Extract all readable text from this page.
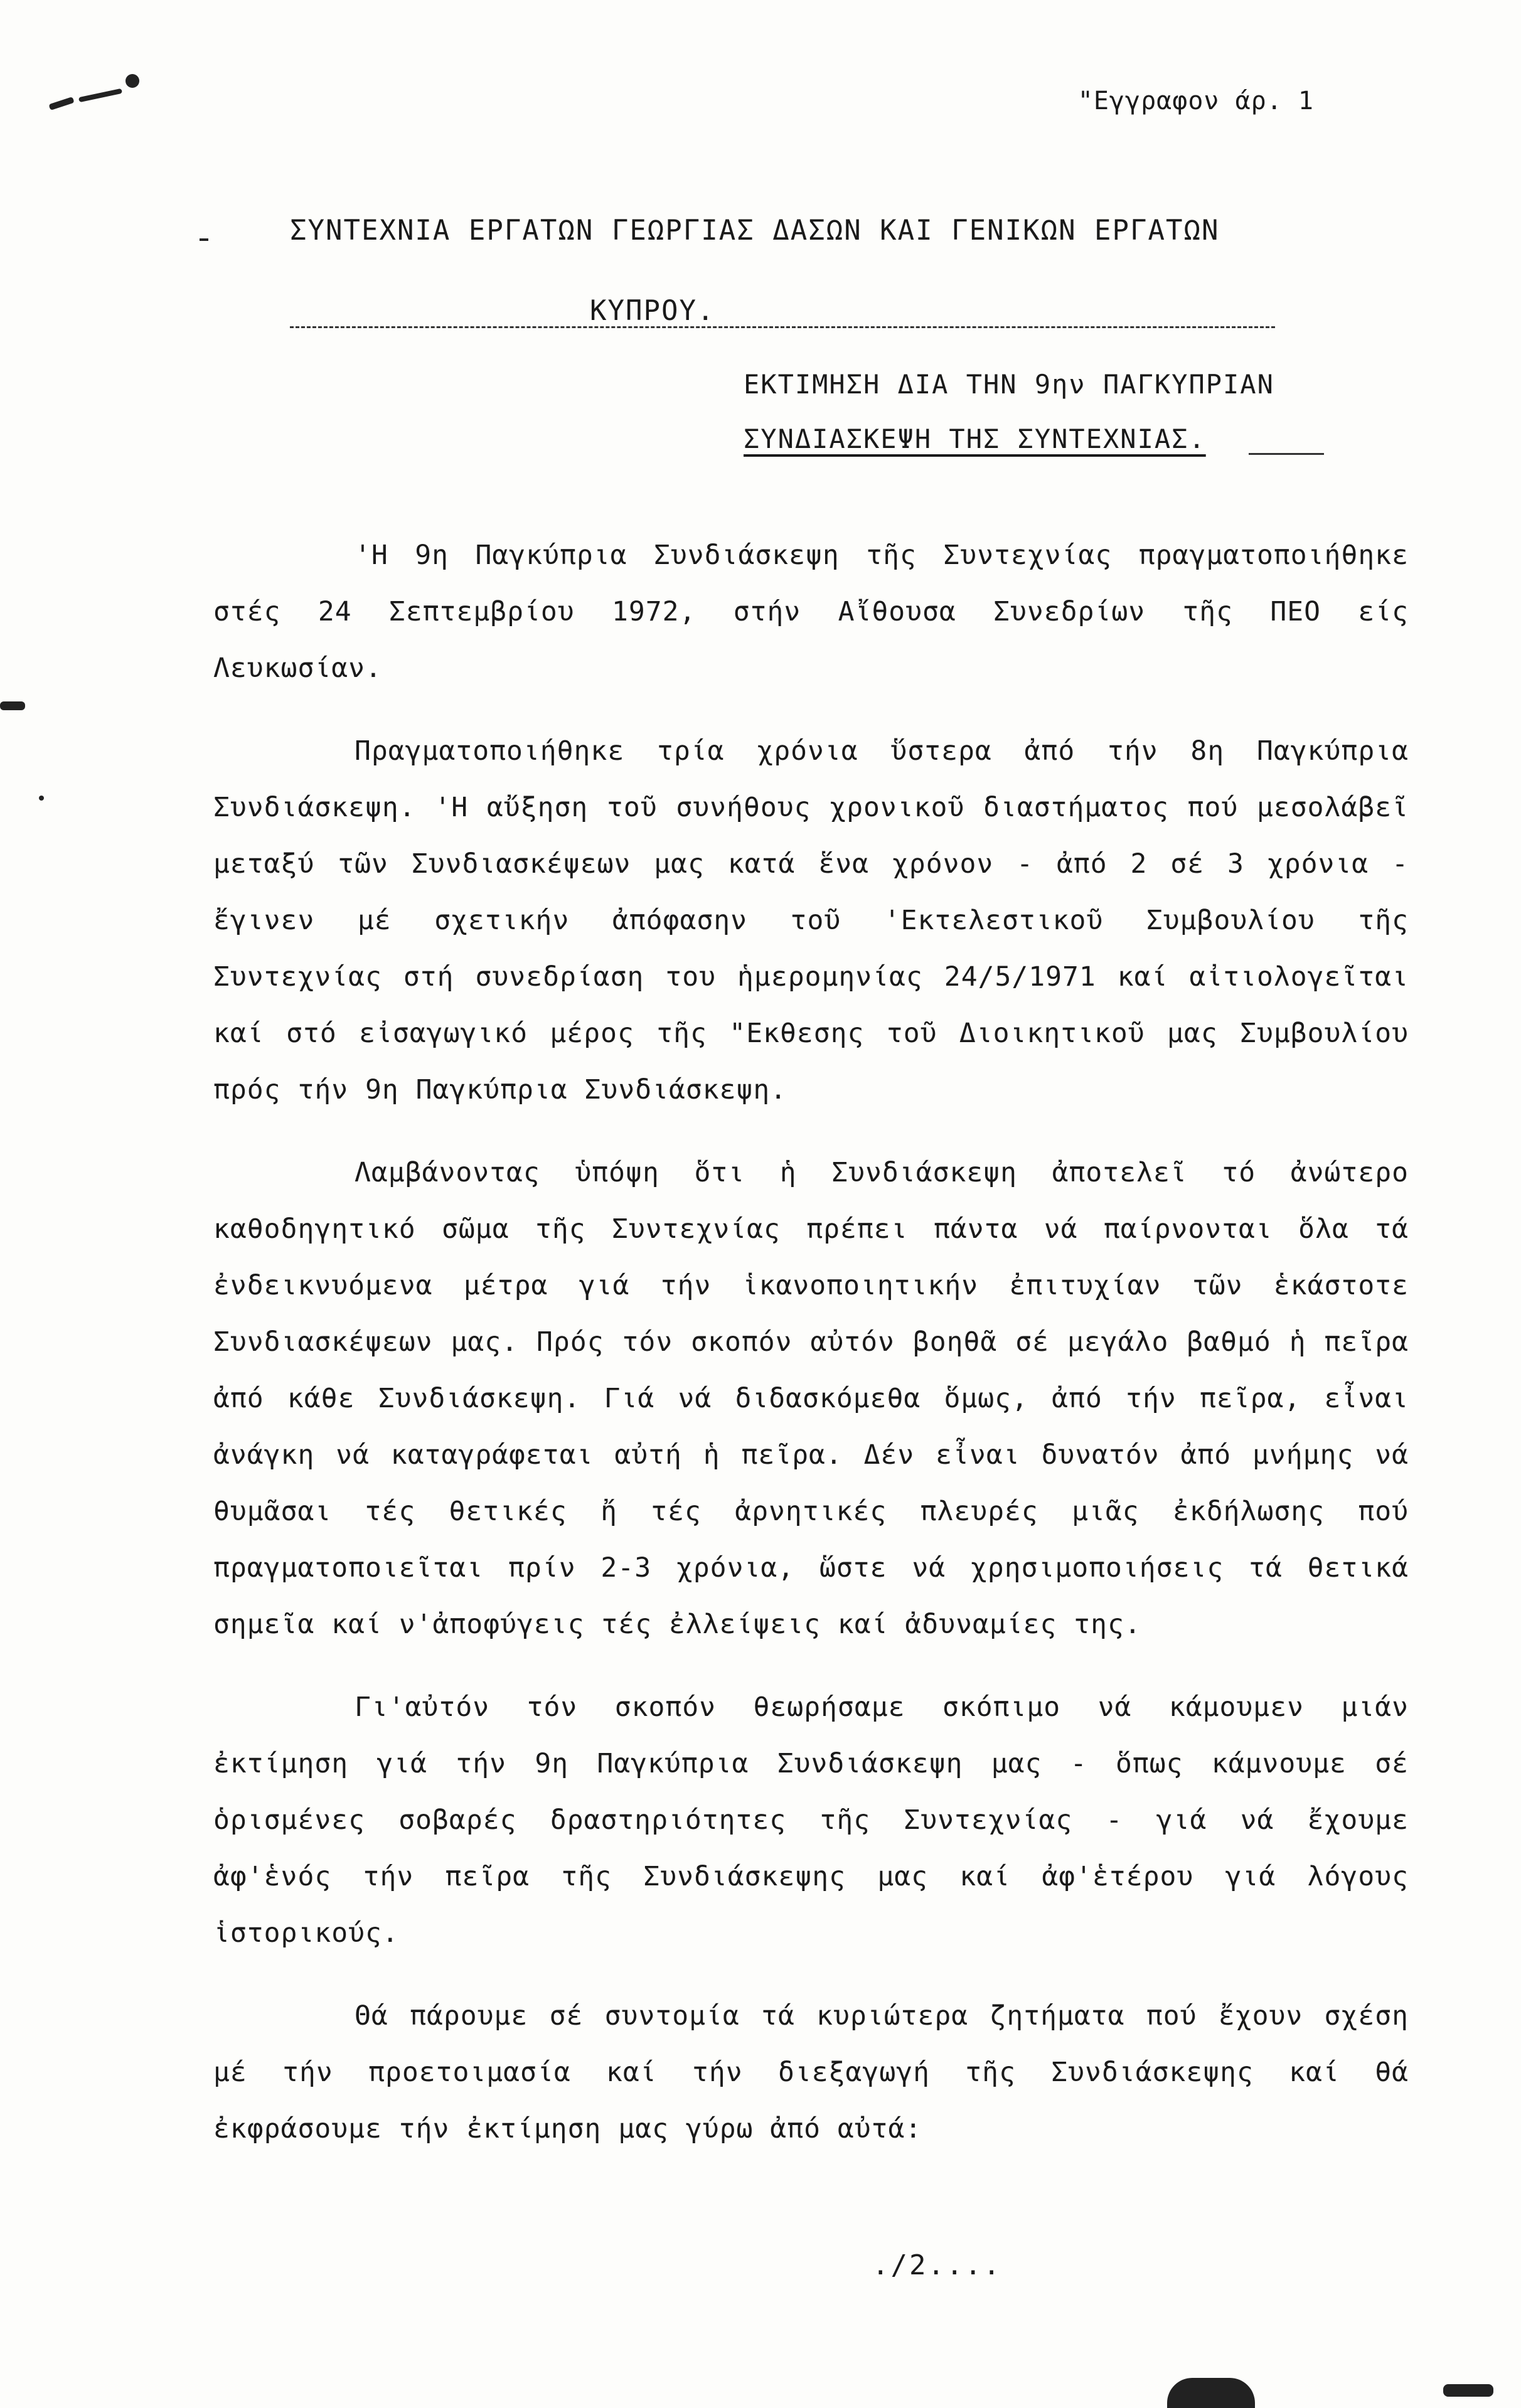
"Εγγραφον άρ. 1
ΣΥΝΤΕΧΝΙΑ ΕΡΓΑΤΩΝ ΓΕΩΡΓΙΑΣ ΔΑΣΩΝ ΚΑΙ ΓΕΝΙΚΩΝ ΕΡΓΑΤΩΝ
ΚΥΠΡΟΥ.
ΕΚΤΙΜΗΣΗ ΔΙΑ ΤΗΝ 9ην ΠΑΓΚΥΠΡΙΑΝ
ΣΥΝΔΙΑΣΚΕΨΗ ΤΗΣ ΣΥΝΤΕΧΝΙΑΣ.

'Η 9η Παγκύπρια Συνδιάσκεψη τῆς Συντεχνίας πραγματοποιήθηκε στές 24 Σεπτεμβρίου 1972, στήν Αἴθουσα Συνεδρίων τῆς ΠΕΟ είς Λευκωσίαν.

Πραγματοποιήθηκε τρία χρόνια ὕστερα ἀπό τήν 8η Παγκύπρια Συνδιάσκεψη. 'Η αὔξηση τοῦ συνήθους χρονικοῦ διαστήματος πού μεσολάβεῖ μεταξύ τῶν Συνδιασκέψεων μας κατά ἕνα χρόνον - ἀπό 2 σέ 3 χρόνια - ἔγινεν μέ σχετικήν ἀπόφασην τοῦ 'Εκτελεστικοῦ Συμβουλίου τῆς Συντεχνίας στή συνεδρίαση του ἡμερομηνίας 24/5/1971 καί αἰτιολογεῖται καί στό εἰσαγωγικό μέρος τῆς "Εκθεσης τοῦ Διοικητικοῦ μας Συμβουλίου πρός τήν 9η Παγκύπρια Συνδιάσκεψη.

Λαμβάνοντας ὑπόψη ὅτι ἡ Συνδιάσκεψη ἀποτελεῖ τό ἀνώτερο καθοδηγητικό σῶμα τῆς Συντεχνίας πρέπει πάντα νά παίρνονται ὅλα τά ἐνδεικνυόμενα μέτρα γιά τήν ἱκανοποιητικήν ἐπιτυχίαν τῶν ἑκάστοτε Συνδιασκέψεων μας. Πρός τόν σκοπόν αὐτόν βοηθᾶ σέ μεγάλο βαθμό ἡ πεῖρα ἀπό κάθε Συνδιάσκεψη. Γιά νά διδασκόμεθα ὅμως, ἀπό τήν πεῖρα, εἶναι ἀνάγκη νά καταγράφεται αὐτή ἡ πεῖρα. Δέν εἶναι δυνατόν ἀπό μνήμης νά θυμᾶσαι τές θετικές ἤ τές ἀρνητικές πλευρές μιᾶς ἐκδήλωσης πού πραγματοποιεῖται πρίν 2-3 χρόνια, ὥστε νά χρησιμοποιήσεις τά θετικά σημεῖα καί ν'ἀποφύγεις τές ἐλλείψεις καί ἀδυναμίες της.

Γι'αὐτόν τόν σκοπόν θεωρήσαμε σκόπιμο νά κάμουμεν μιάν ἐκτίμηση γιά τήν 9η Παγκύπρια Συνδιάσκεψη μας - ὅπως κάμνουμε σέ ὁρισμένες σοβαρές δραστηριότητες τῆς Συντεχνίας - γιά νά ἔχουμε ἀφ'ἑνός τήν πεῖρα τῆς Συνδιάσκεψης μας καί ἀφ'ἑτέρου γιά λόγους ἱστορικούς.

Θά πάρουμε σέ συντομία τά κυριώτερα ζητήματα πού ἔχουν σχέση μέ τήν προετοιμασία καί τήν διεξαγωγή τῆς Συνδιάσκεψης καί θά ἐκφράσουμε τήν ἐκτίμηση μας γύρω ἀπό αὐτά:

./2....
